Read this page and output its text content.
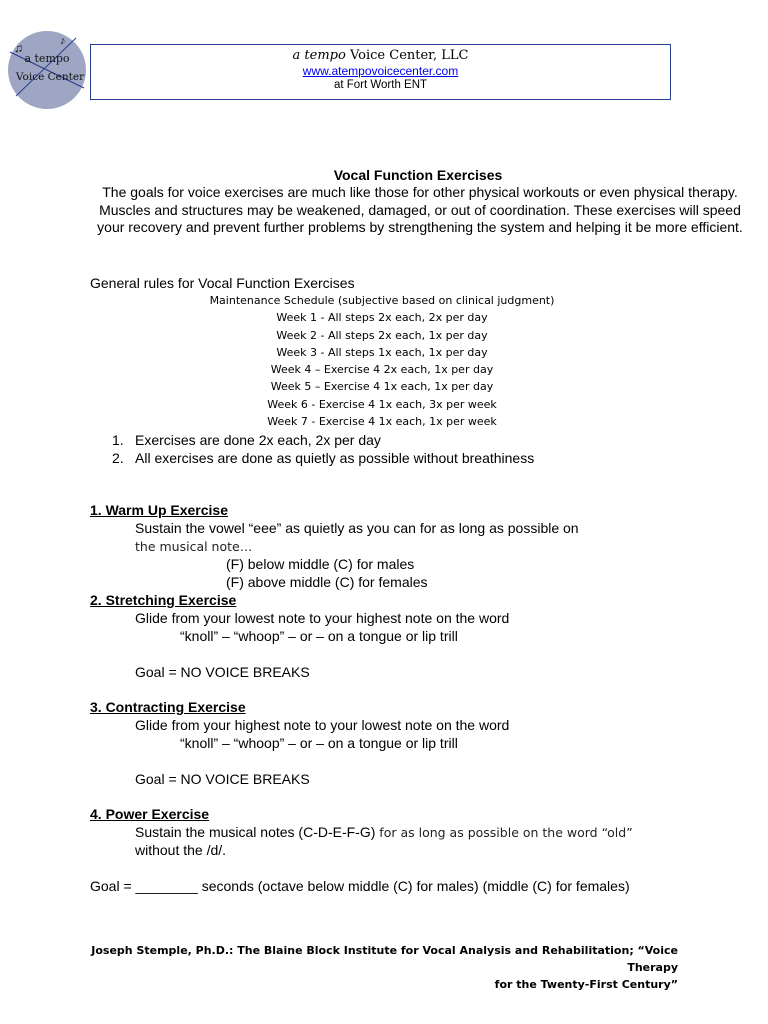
♫	♪
a tempo
Voice Center
a tempo Voice Center, LLC
www.atempovoicecenter.com
at Fort Worth ENT
Vocal Function Exercises
The goals for voice exercises are much like those for other physical workouts or even physical therapy. Muscles and structures may be weakened, damaged, or out of coordination. These exercises will speed your recovery and prevent further problems by strengthening the system and helping it be more efficient.
General rules for Vocal Function Exercises
Maintenance Schedule (subjective based on clinical judgment)
Week 1 - All steps 2x each, 2x per day
Week 2 - All steps 2x each, 1x per day
Week 3 - All steps 1x each, 1x per day
Week 4 – Exercise 4 2x each, 1x per day
Week 5 – Exercise 4 1x each, 1x per day
Week 6 - Exercise 4 1x each, 3x per week
Week 7 - Exercise 4 1x each, 1x per week
1. Exercises are done 2x each, 2x per day
2. All exercises are done as quietly as possible without breathiness
1. Warm Up Exercise
Sustain the vowel “eee” as quietly as you can for as long as possible on
the musical note…
(F) below middle (C) for males
(F) above middle (C) for females
2. Stretching Exercise
Glide from your lowest note to your highest note on the word
“knoll” – “whoop” – or – on a tongue or lip trill
Goal = NO VOICE BREAKS
3. Contracting Exercise
Glide from your highest note to your lowest note on the word
“knoll” – “whoop” – or – on a tongue or lip trill
Goal = NO VOICE BREAKS
4. Power Exercise
Sustain the musical notes (C-D-E-F-G) for as long as possible on the word “old”
without the /d/.
Goal = ________ seconds (octave below middle (C) for males) (middle (C) for females)
Joseph Stemple, Ph.D.: The Blaine Block Institute for Vocal Analysis and Rehabilitation; “Voice Therapy
for the Twenty-First Century”
